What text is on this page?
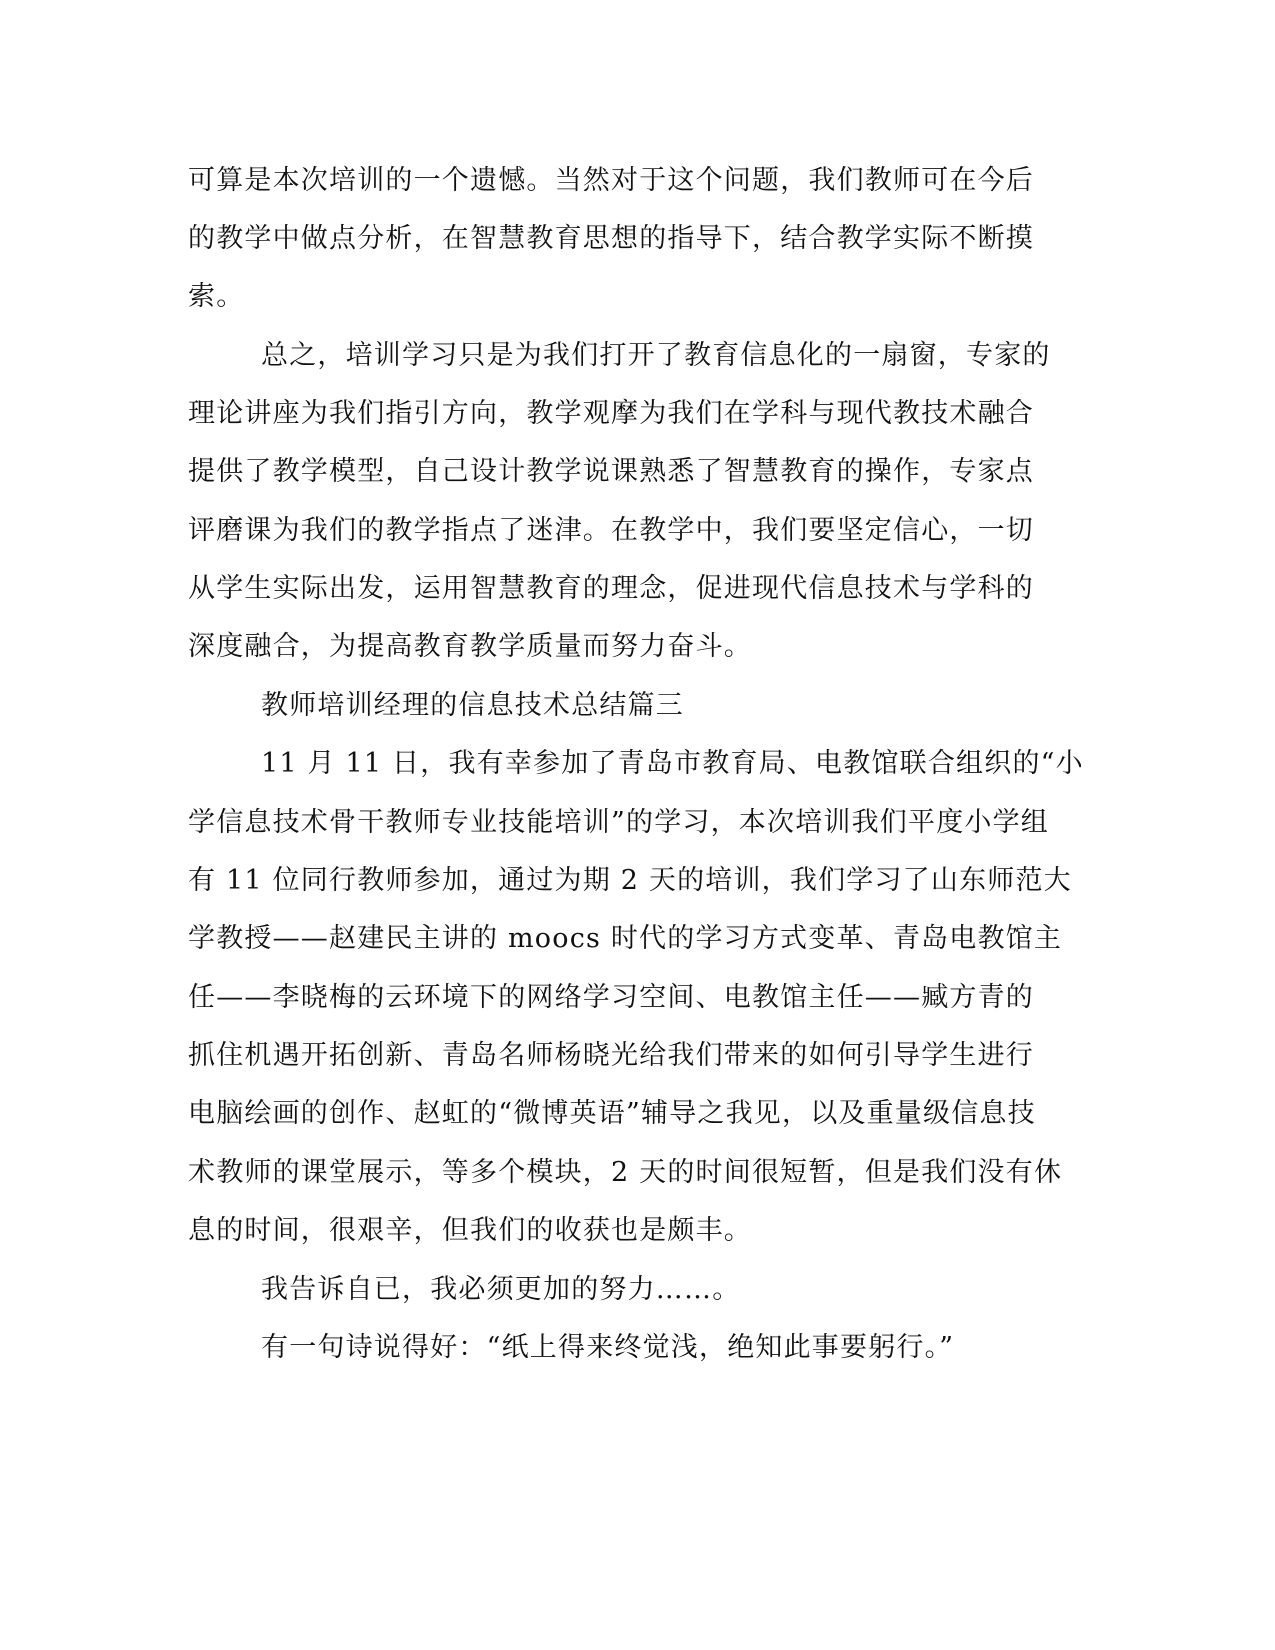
可算是本次培训的一个遗憾。当然对于这个问题，我们教师可在今后
的教学中做点分析，在智慧教育思想的指导下，结合教学实际不断摸
索。
总之，培训学习只是为我们打开了教育信息化的一扇窗，专家的
理论讲座为我们指引方向，教学观摩为我们在学科与现代教技术融合
提供了教学模型，自己设计教学说课熟悉了智慧教育的操作，专家点
评磨课为我们的教学指点了迷津。在教学中，我们要坚定信心，一切
从学生实际出发，运用智慧教育的理念，促进现代信息技术与学科的
深度融合，为提高教育教学质量而努力奋斗。
教师培训经理的信息技术总结篇三
11 月 11 日，我有幸参加了青岛市教育局、电教馆联合组织的“小
学信息技术骨干教师专业技能培训”的学习，本次培训我们平度小学组
有 11 位同行教师参加，通过为期 2 天的培训，我们学习了山东师范大
学教授——赵建民主讲的 moocs 时代的学习方式变革、青岛电教馆主
任——李晓梅的云环境下的网络学习空间、电教馆主任——臧方青的
抓住机遇开拓创新、青岛名师杨晓光给我们带来的如何引导学生进行
电脑绘画的创作、赵虹的“微博英语”辅导之我见，以及重量级信息技
术教师的课堂展示，等多个模块，2 天的时间很短暂，但是我们没有休
息的时间，很艰辛，但我们的收获也是颇丰。
我告诉自已，我必须更加的努力……。
有一句诗说得好：“纸上得来终觉浅，绝知此事要躬行。”
